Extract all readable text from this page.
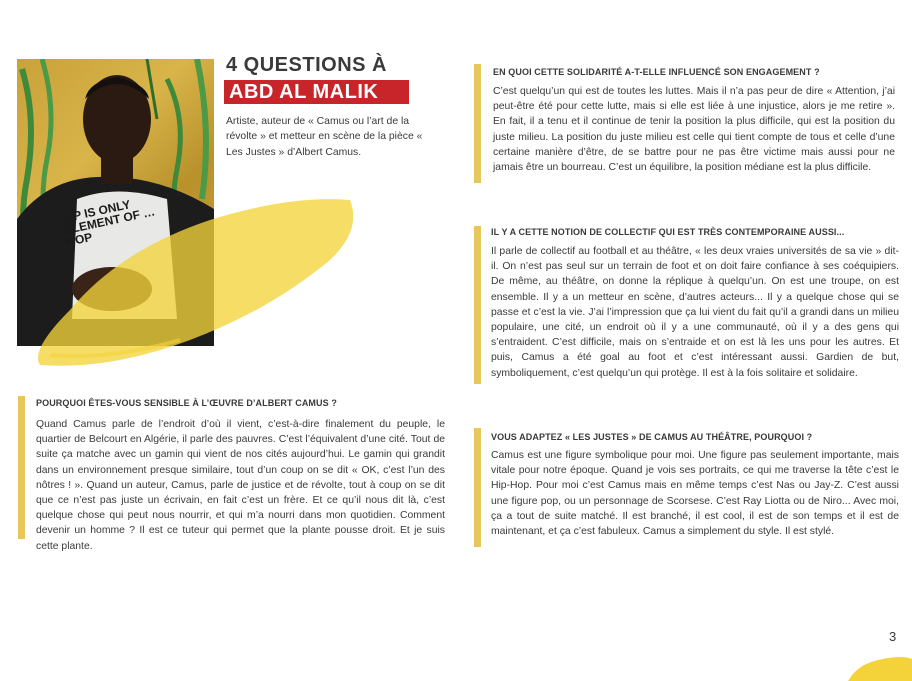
…P IS ONLY ELEMENT OF …HOP
4 QUESTIONS À
ABD AL MALIK
Artiste, auteur de « Camus ou l’art de la révolte » et metteur en scène de la pièce « Les Justes » d’Albert Camus.
POURQUOI ÊTES-VOUS SENSIBLE À L’ŒUVRE D’ALBERT CAMUS ?
Quand Camus parle de l’endroit d’où il vient, c’est-à-dire finalement du peuple, le quartier de Belcourt en Algérie, il parle des pauvres. C’est l’équivalent d’une cité. Tout de suite ça matche avec un gamin qui vient de nos cités aujourd’hui. Le gamin qui grandit dans un environnement presque similaire, tout d’un coup on se dit « OK, c’est l’un des nôtres ! ». Quand un auteur, Camus, parle de justice et de révolte, tout à coup on se dit que ce n’est pas juste un écrivain, en fait c’est un frère. Et ce qu’il nous dit là, c’est quelque chose qui peut nous nourrir, et qui m’a nourri dans mon quotidien. Comment devenir un homme ? Il est ce tuteur qui permet que la plante pousse droit. Et je suis cette plante.
EN QUOI CETTE SOLIDARITÉ A-T-ELLE INFLUENCÉ SON ENGAGEMENT ?
C’est quelqu’un qui est de toutes les luttes. Mais il n’a pas peur de dire « Attention, j’ai peut-être été pour cette lutte, mais si elle est liée à une injustice, alors je me retire ». En fait, il a tenu et il continue de tenir la position la plus difficile, qui est la position du juste milieu. La position du juste milieu est celle qui tient compte de tous et celle d’une certaine manière d’être, de se battre pour ne pas être victime mais aussi pour ne jamais être un bourreau. C’est un équilibre, la position médiane est la plus difficile.
IL Y A CETTE NOTION DE COLLECTIF QUI EST TRÈS CONTEMPORAINE AUSSI...
Il parle de collectif au football et au théâtre, « les deux vraies universités de sa vie » dit-il. On n’est pas seul sur un terrain de foot et on doit faire confiance à ses coéquipiers. De même, au théâtre, on donne la réplique à quelqu’un. On est une troupe, on est ensemble. Il y a un metteur en scène, d’autres acteurs... Il y a quelque chose qui se passe et c’est la vie. J’ai l’impression que ça lui vient du fait qu’il a grandi dans un milieu populaire, une cité, un endroit où il y a une communauté, où il y a des gens qui s’entraident. C’est difficile, mais on s’entraide et on est là les uns pour les autres. Et puis, Camus a été goal au foot et c’est intéressant aussi. Gardien de but, symboliquement, c’est quelqu’un qui protège. Il est à la fois solitaire et solidaire.
VOUS ADAPTEZ « LES JUSTES » DE CAMUS AU THÉÂTRE, POURQUOI ?
Camus est une figure symbolique pour moi. Une figure pas seulement importante, mais vitale pour notre époque. Quand je vois ses portraits, ce qui me traverse la tête c’est le Hip-Hop. Pour moi c’est Camus mais en même temps c’est Nas ou Jay-Z. C’est aussi une figure pop, ou un personnage de Scorsese. C’est Ray Liotta ou de Niro... Avec moi, ça a tout de suite matché. Il est branché, il est cool, il est de son temps et il est de maintenant, et ça c’est fabuleux. Camus a simplement du style. Il est stylé.
3
